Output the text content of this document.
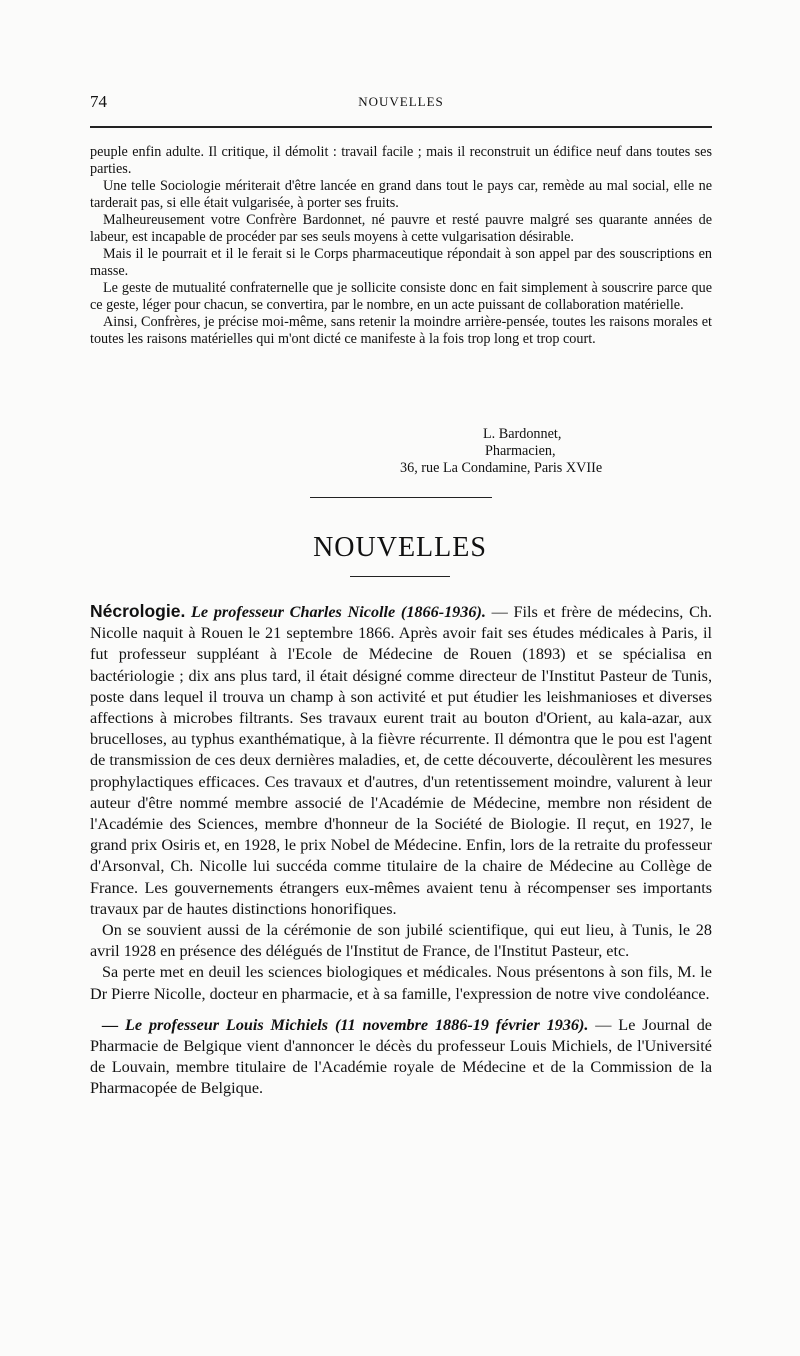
74	NOUVELLES

peuple enfin adulte. Il critique, il démolit : travail facile ; mais il reconstruit un édifice neuf dans toutes ses parties.

Une telle Sociologie mériterait d'être lancée en grand dans tout le pays car, remède au mal social, elle ne tarderait pas, si elle était vulgarisée, à porter ses fruits.

Malheureusement votre Confrère Bardonnet, né pauvre et resté pauvre malgré ses quarante années de labeur, est incapable de procéder par ses seuls moyens à cette vulgarisation désirable.

Mais il le pourrait et il le ferait si le Corps pharmaceutique répondait à son appel par des souscriptions en masse.

Le geste de mutualité confraternelle que je sollicite consiste donc en fait simplement à souscrire parce que ce geste, léger pour chacun, se convertira, par le nombre, en un acte puissant de collaboration matérielle.

Ainsi, Confrères, je précise moi-même, sans retenir la moindre arrière-pensée, toutes les raisons morales et toutes les raisons matérielles qui m'ont dicté ce manifeste à la fois trop long et trop court.

L. Bardonnet,
Pharmacien,
36, rue La Condamine, Paris XVIIe
NOUVELLES

Nécrologie. Le professeur Charles Nicolle (1866-1936). — Fils et frère de médecins, Ch. Nicolle naquit à Rouen le 21 septembre 1866. Après avoir fait ses études médicales à Paris, il fut professeur suppléant à l'Ecole de Médecine de Rouen (1893) et se spécialisa en bactériologie ; dix ans plus tard, il était désigné comme directeur de l'Institut Pasteur de Tunis, poste dans lequel il trouva un champ à son activité et put étudier les leishmanioses et diverses affections à microbes filtrants. Ses travaux eurent trait au bouton d'Orient, au kala-azar, aux brucelloses, au typhus exanthématique, à la fièvre récurrente. Il démontra que le pou est l'agent de transmission de ces deux dernières maladies, et, de cette découverte, découlèrent les mesures prophylactiques efficaces. Ces travaux et d'autres, d'un retentissement moindre, valurent à leur auteur d'être nommé membre associé de l'Académie de Médecine, membre non résident de l'Académie des Sciences, membre d'honneur de la Société de Biologie. Il reçut, en 1927, le grand prix Osiris et, en 1928, le prix Nobel de Médecine. Enfin, lors de la retraite du professeur d'Arsonval, Ch. Nicolle lui succéda comme titulaire de la chaire de Médecine au Collège de France. Les gouvernements étrangers eux-mêmes avaient tenu à récompenser ses importants travaux par de hautes distinctions honorifiques.

On se souvient aussi de la cérémonie de son jubilé scientifique, qui eut lieu, à Tunis, le 28 avril 1928 en présence des délégués de l'Institut de France, de l'Institut Pasteur, etc.

Sa perte met en deuil les sciences biologiques et médicales. Nous présentons à son fils, M. le Dr Pierre Nicolle, docteur en pharmacie, et à sa famille, l'expression de notre vive condoléance.

— Le professeur Louis Michiels (11 novembre 1886-19 février 1936). — Le Journal de Pharmacie de Belgique vient d'annoncer le décès du professeur Louis Michiels, de l'Université de Louvain, membre titulaire de l'Académie royale de Médecine et de la Commission de la Pharmacopée de Belgique.
